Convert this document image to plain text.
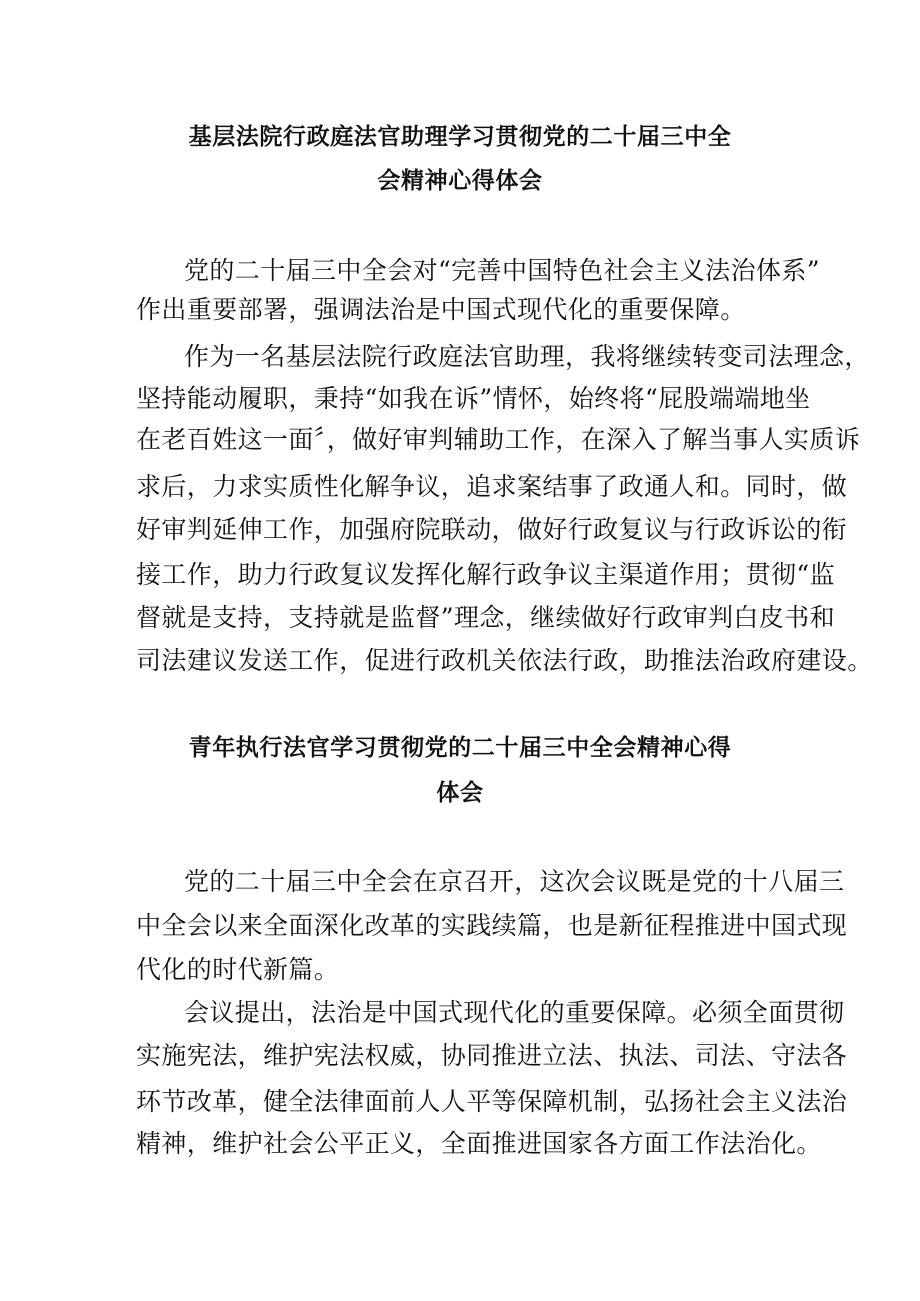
基层法院行政庭法官助理学习贯彻党的二十届三中全
会精神心得体会
党的二十届三中全会对“完善中国特色社会主义法治体系”
作出重要部署，强调法治是中国式现代化的重要保障。
作为一名基层法院行政庭法官助理，我将继续转变司法理念，
坚持能动履职，秉持“如我在诉”情怀，始终将“屁股端端地坐
在老百姓这一面〞，做好审判辅助工作，在深入了解当事人实质诉
求后，力求实质性化解争议，追求案结事了政通人和。同时，做
好审判延伸工作，加强府院联动，做好行政复议与行政诉讼的衔
接工作，助力行政复议发挥化解行政争议主渠道作用；贯彻“监
督就是支持，支持就是监督”理念，继续做好行政审判白皮书和
司法建议发送工作，促进行政机关依法行政，助推法治政府建设。
青年执行法官学习贯彻党的二十届三中全会精神心得
体会
党的二十届三中全会在京召开，这次会议既是党的十八届三
中全会以来全面深化改革的实践续篇，也是新征程推进中国式现
代化的时代新篇。
会议提出，法治是中国式现代化的重要保障。必须全面贯彻
实施宪法，维护宪法权威，协同推进立法、执法、司法、守法各
环节改革，健全法律面前人人平等保障机制，弘扬社会主义法治
精神，维护社会公平正义，全面推进国家各方面工作法治化。
